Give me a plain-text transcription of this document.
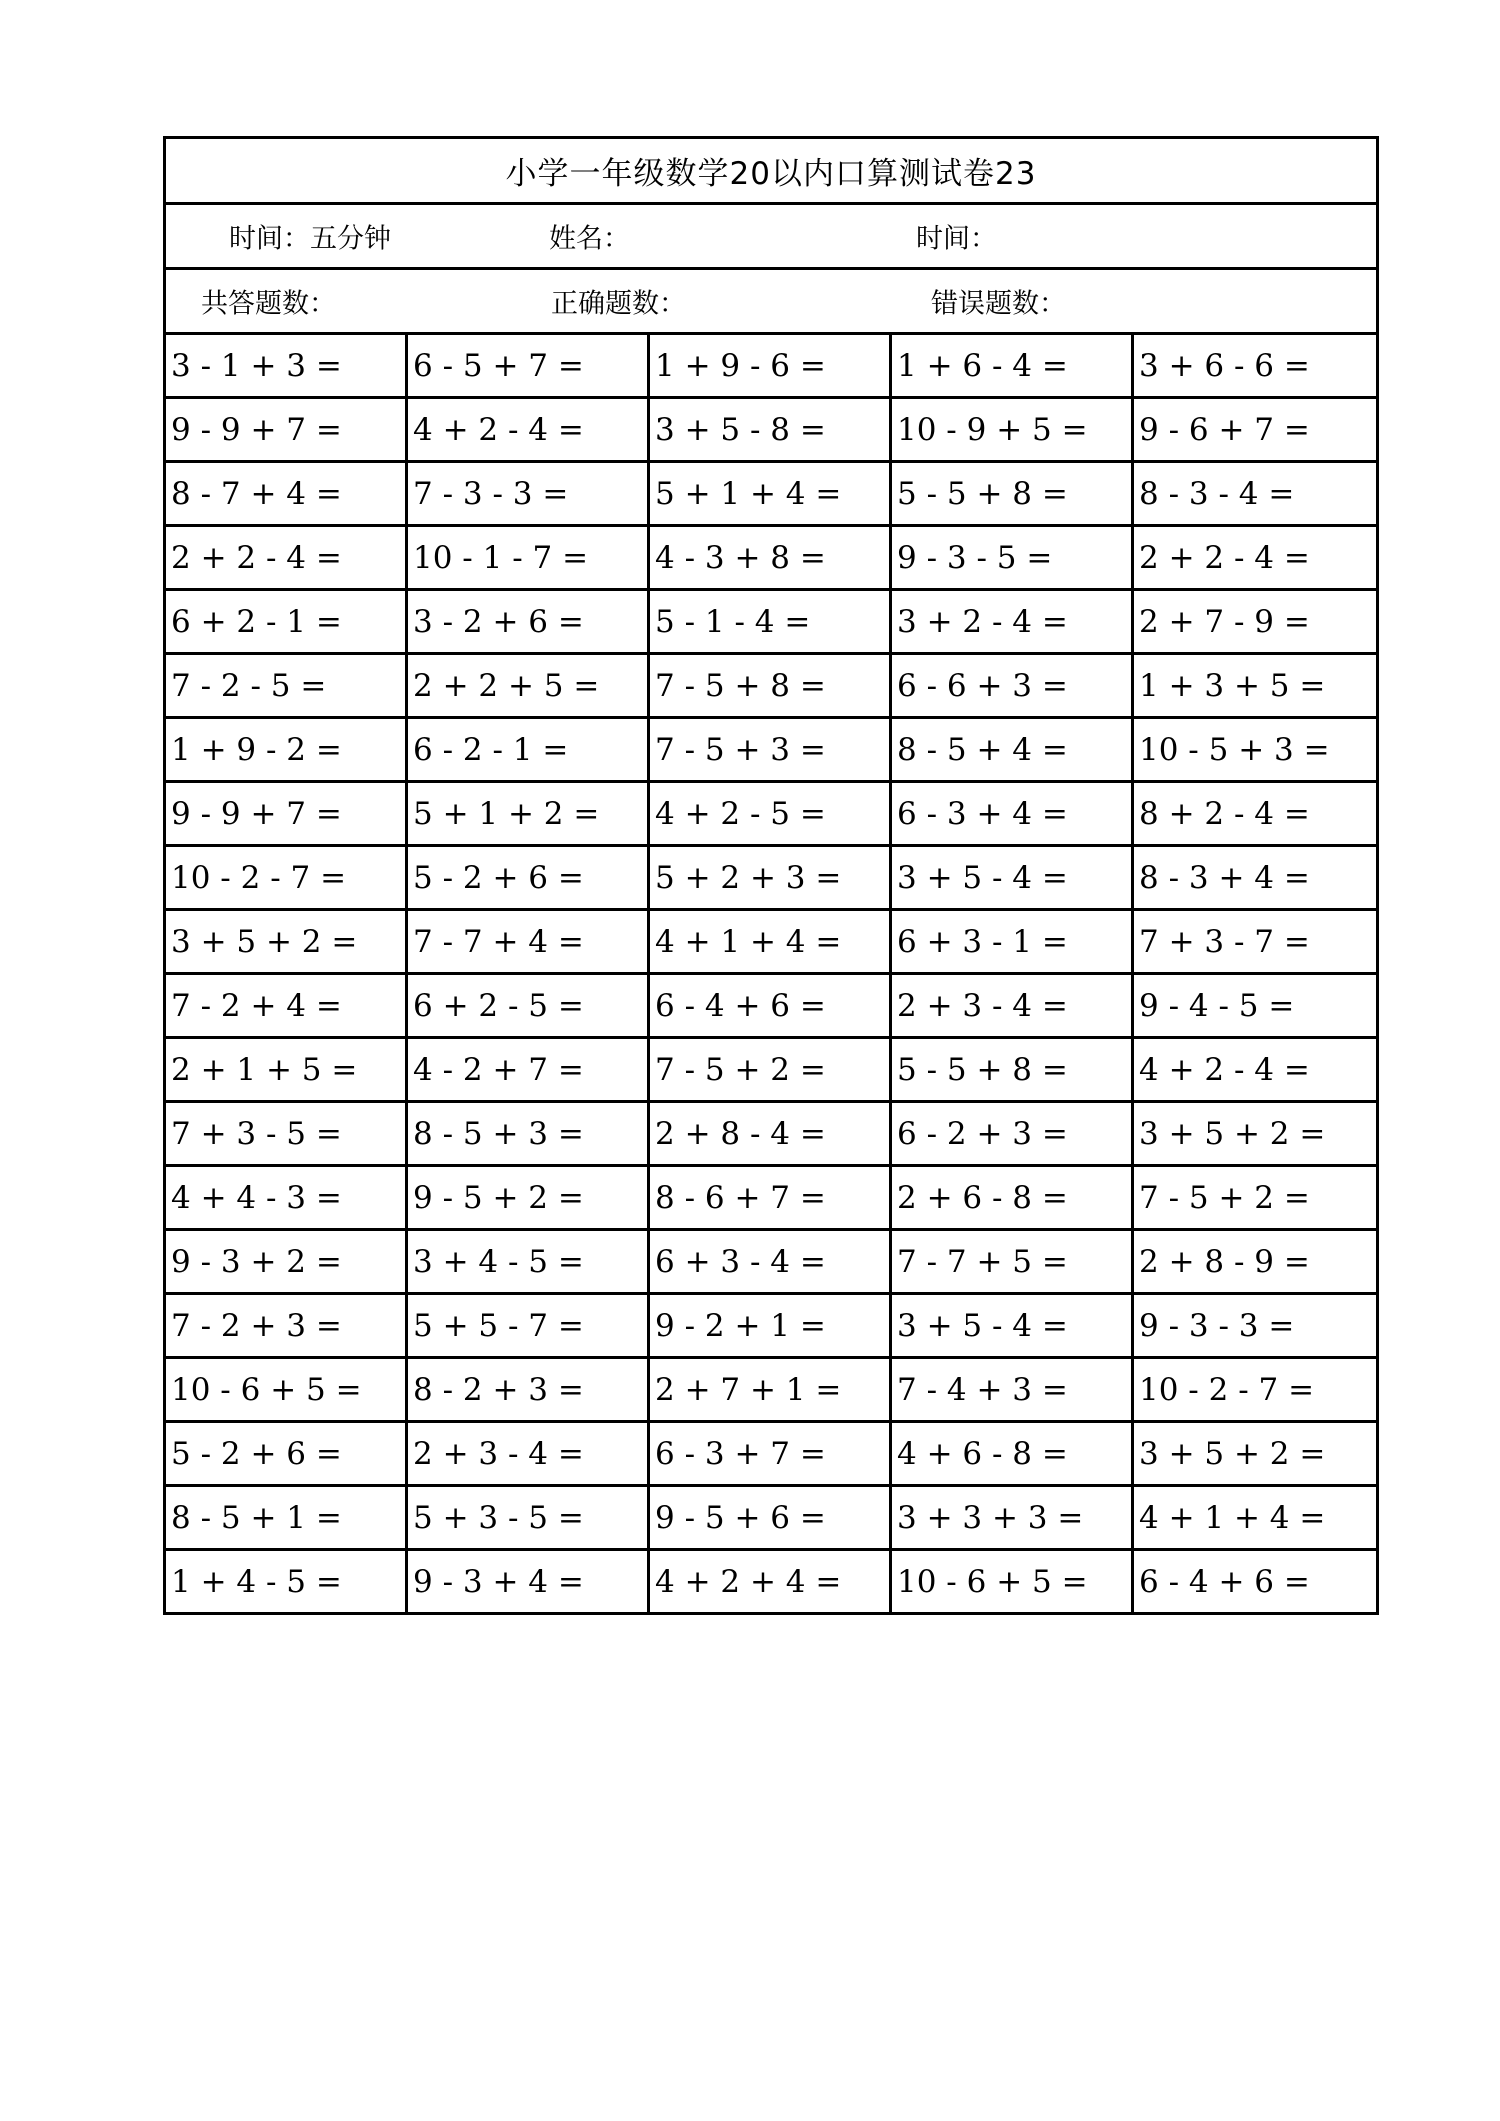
小学一年级数学20以内口算测试卷23
时间：五分钟	姓名：	时间：
共答题数：	正确题数：	错误题数：
3 - 1 + 3 =	6 - 5 + 7 =	1 + 9 - 6 =	1 + 6 - 4 =	3 + 6 - 6 =
9 - 9 + 7 =	4 + 2 - 4 =	3 + 5 - 8 =	10 - 9 + 5 =	9 - 6 + 7 =
8 - 7 + 4 =	7 - 3 - 3 =	5 + 1 + 4 =	5 - 5 + 8 =	8 - 3 - 4 =
2 + 2 - 4 =	10 - 1 - 7 =	4 - 3 + 8 =	9 - 3 - 5 =	2 + 2 - 4 =
6 + 2 - 1 =	3 - 2 + 6 =	5 - 1 - 4 =	3 + 2 - 4 =	2 + 7 - 9 =
7 - 2 - 5 =	2 + 2 + 5 =	7 - 5 + 8 =	6 - 6 + 3 =	1 + 3 + 5 =
1 + 9 - 2 =	6 - 2 - 1 =	7 - 5 + 3 =	8 - 5 + 4 =	10 - 5 + 3 =
9 - 9 + 7 =	5 + 1 + 2 =	4 + 2 - 5 =	6 - 3 + 4 =	8 + 2 - 4 =
10 - 2 - 7 =	5 - 2 + 6 =	5 + 2 + 3 =	3 + 5 - 4 =	8 - 3 + 4 =
3 + 5 + 2 =	7 - 7 + 4 =	4 + 1 + 4 =	6 + 3 - 1 =	7 + 3 - 7 =
7 - 2 + 4 =	6 + 2 - 5 =	6 - 4 + 6 =	2 + 3 - 4 =	9 - 4 - 5 =
2 + 1 + 5 =	4 - 2 + 7 =	7 - 5 + 2 =	5 - 5 + 8 =	4 + 2 - 4 =
7 + 3 - 5 =	8 - 5 + 3 =	2 + 8 - 4 =	6 - 2 + 3 =	3 + 5 + 2 =
4 + 4 - 3 =	9 - 5 + 2 =	8 - 6 + 7 =	2 + 6 - 8 =	7 - 5 + 2 =
9 - 3 + 2 =	3 + 4 - 5 =	6 + 3 - 4 =	7 - 7 + 5 =	2 + 8 - 9 =
7 - 2 + 3 =	5 + 5 - 7 =	9 - 2 + 1 =	3 + 5 - 4 =	9 - 3 - 3 =
10 - 6 + 5 =	8 - 2 + 3 =	2 + 7 + 1 =	7 - 4 + 3 =	10 - 2 - 7 =
5 - 2 + 6 =	2 + 3 - 4 =	6 - 3 + 7 =	4 + 6 - 8 =	3 + 5 + 2 =
8 - 5 + 1 =	5 + 3 - 5 =	9 - 5 + 6 =	3 + 3 + 3 =	4 + 1 + 4 =
1 + 4 - 5 =	9 - 3 + 4 =	4 + 2 + 4 =	10 - 6 + 5 =	6 - 4 + 6 =
